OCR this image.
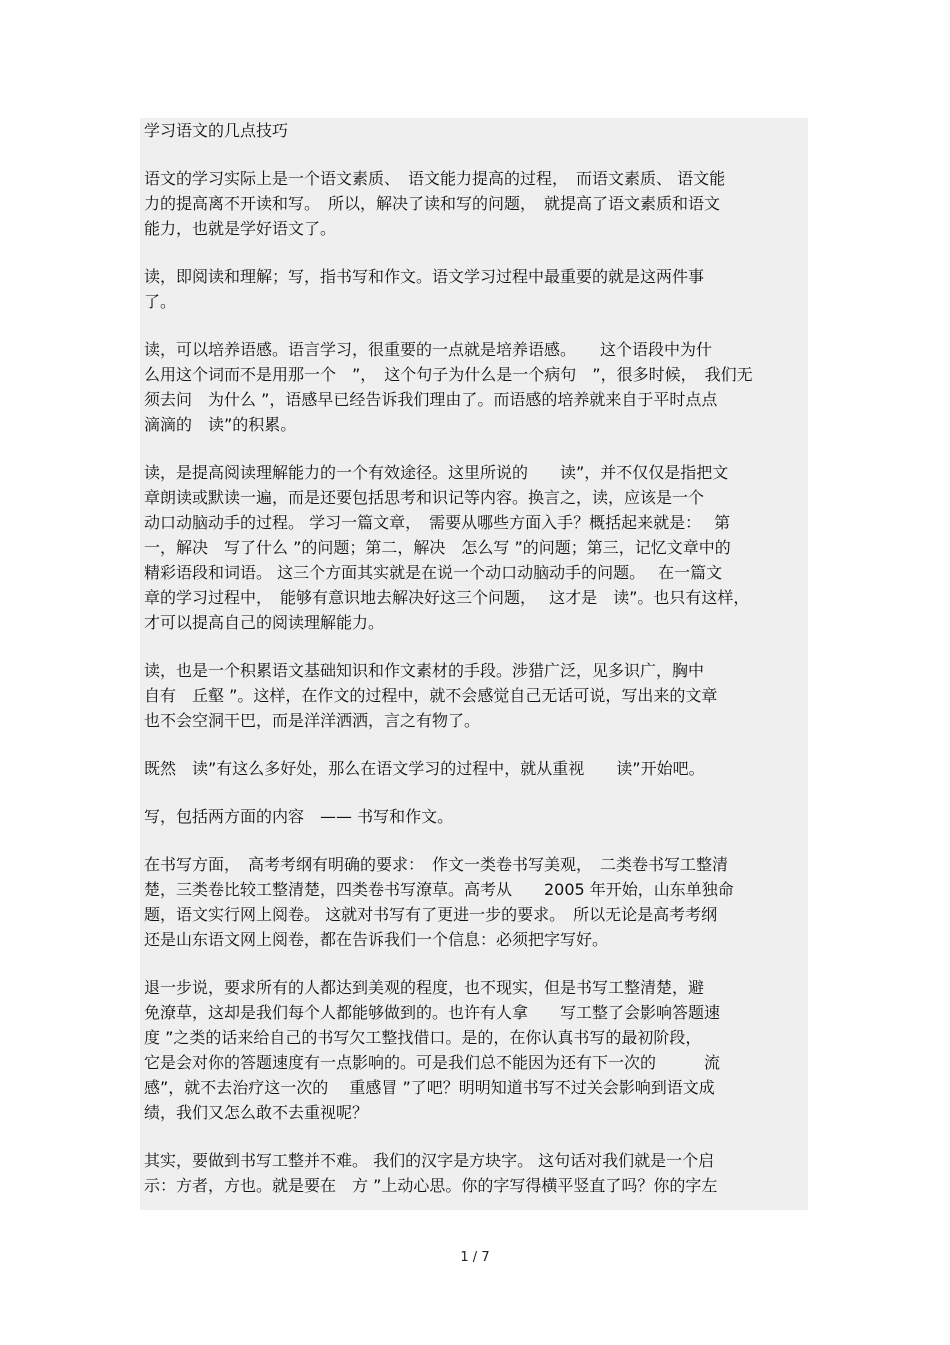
学习语文的几点技巧
语文的学习实际上是一个语文素质、　语文能力提高的过程，　而语文素质、 语文能
力的提高离不开读和写。　所以，解决了读和写的问题，　就提高了语文素质和语文
能力，也就是学好语文了。
读，即阅读和理解；写，指书写和作文。语文学习过程中最重要的就是这两件事
了。
读，可以培养语感。语言学习，很重要的一点就是培养语感。　　这个语段中为什
么用这个词而不是用那一个　”，　这个句子为什么是一个病句　”，很多时候，　我们无
须去问　为什么 ”，语感早已经告诉我们理由了。而语感的培养就来自于平时点点
滴滴的　读”的积累。
读，是提高阅读理解能力的一个有效途径。这里所说的　　读”，并不仅仅是指把文
章朗读或默读一遍，而是还要包括思考和识记等内容。换言之，读，应该是一个
动口动脑动手的过程。 学习一篇文章，　需要从哪些方面入手？概括起来就是：　 第
一，解决　写了什么 ”的问题；第二，解决　怎么写 ”的问题；第三，记忆文章中的
精彩语段和词语。 这三个方面其实就是在说一个动口动脑动手的问题。　 在一篇文
章的学习过程中，　能够有意识地去解决好这三个问题，　 这才是　读”。也只有这样，
才可以提高自己的阅读理解能力。
读，也是一个积累语文基础知识和作文素材的手段。涉猎广泛，见多识广，胸中
自有　丘壑 ”。这样，在作文的过程中，就不会感觉自己无话可说，写出来的文章
也不会空洞干巴，而是洋洋洒洒，言之有物了。
既然　读”有这么多好处，那么在语文学习的过程中，就从重视　　读”开始吧。
写，包括两方面的内容　—— 书写和作文。
在书写方面，　高考考纲有明确的要求：　作文一类卷书写美观，　二类卷书写工整清
楚，三类卷比较工整清楚，四类卷书写潦草。高考从　　2005 年开始，山东单独命
题，语文实行网上阅卷。 这就对书写有了更进一步的要求。　所以无论是高考考纲
还是山东语文网上阅卷，都在告诉我们一个信息：必须把字写好。
退一步说，要求所有的人都达到美观的程度，也不现实，但是书写工整清楚，避
免潦草，这却是我们每个人都能够做到的。也许有人拿　　写工整了会影响答题速
度 ”之类的话来给自己的书写欠工整找借口。是的，在你认真书写的最初阶段，
它是会对你的答题速度有一点影响的。可是我们总不能因为还有下一次的　　　流
感”，就不去治疗这一次的　 重感冒 ”了吧？明明知道书写不过关会影响到语文成
绩，我们又怎么敢不去重视呢？
其实，要做到书写工整并不难。 我们的汉字是方块字。 这句话对我们就是一个启
示：方者，方也。就是要在　方 ”上动心思。你的字写得横平竖直了吗？你的字左
1 / 7
